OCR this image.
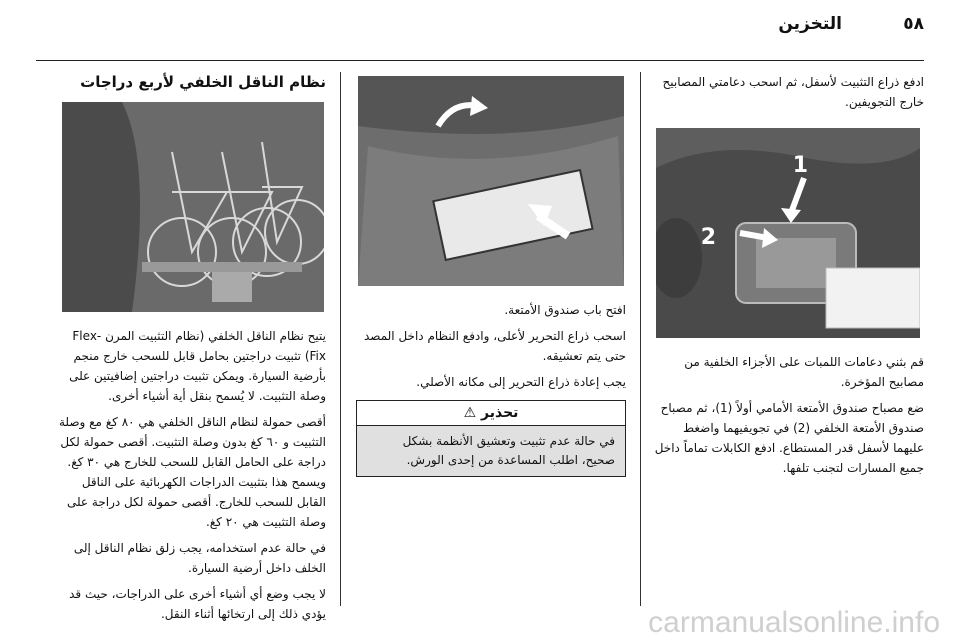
٥٨
التخزين

ادفع ذراع التثبيت لأسفل، ثم اسحب دعامتي المصابيح خارج التجويفين.

1
2

قم بثني دعامات اللمبات على الأجزاء الخلفية من مصابيح المؤخرة.

ضع مصباح صندوق الأمتعة الأمامي أولاً (1)، ثم مصباح صندوق الأمتعة الخلفي (2) في تجويفيهما واضغط عليهما لأسفل قدر المستطاع. ادفع الكابلات تماماً داخل جميع المسارات لتجنب تلفها.

افتح باب صندوق الأمتعة.

اسحب ذراع التحرير لأعلى، وادفع النظام داخل المصد حتى يتم تعشيقه.

يجب إعادة ذراع التحرير إلى مكانه الأصلي.

تحذير ⚠
في حالة عدم تثبيت وتعشيق الأنظمة بشكل صحيح، اطلب المساعدة من إحدى الورش.
نظام الناقل الخلفي لأربع دراجات

يتيح نظام الناقل الخلفي (نظام التثبيت المرن -Flex Fix) تثبيت دراجتين بحامل قابل للسحب خارج منجم بأرضية السيارة. ويمكن تثبيت دراجتين إضافيتين على وصلة التثبيت. لا يُسمح بنقل أية أشياء أخرى.

أقصى حمولة لنظام الناقل الخلفي هي ٨٠ كغ مع وصلة التثبيت و ٦٠ كغ بدون وصلة التثبيت. أقصى حمولة لكل دراجة على الحامل القابل للسحب للخارج هي ٣٠ كغ. ويسمح هذا بتثبيت الدراجات الكهربائية على الناقل القابل للسحب للخارج. أقصى حمولة لكل دراجة على وصلة التثبيت هي ٢٠ كغ.

في حالة عدم استخدامه، يجب زلق نظام الناقل إلى الخلف داخل أرضية السيارة.

لا يجب وضع أي أشياء أخرى على الدراجات، حيث قد يؤدي ذلك إلى ارتخائها أثناء النقل.	carmanualsonline.info
